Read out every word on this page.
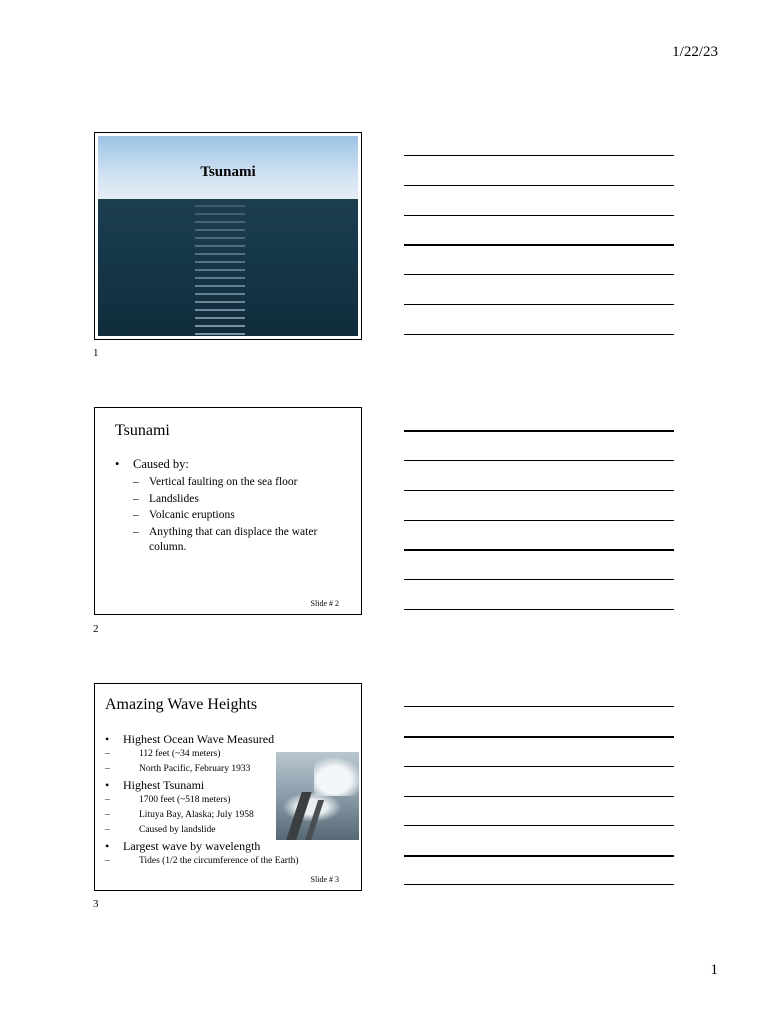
1/22/23
Tsunami
1
Tsunami
• Caused by:
– Vertical faulting on the sea floor
– Landslides
– Volcanic eruptions
– Anything that can displace the water column.
Slide # 2
2
Amazing Wave Heights
• Highest Ocean Wave Measured
– 112 feet (~34 meters)
– North Pacific, February 1933
• Highest Tsunami
– 1700 feet (~518 meters)
– Lituya Bay, Alaska; July 1958
– Caused by landslide
• Largest wave by wavelength
– Tides (1/2 the circumference of the Earth)
Slide # 3
3
1
